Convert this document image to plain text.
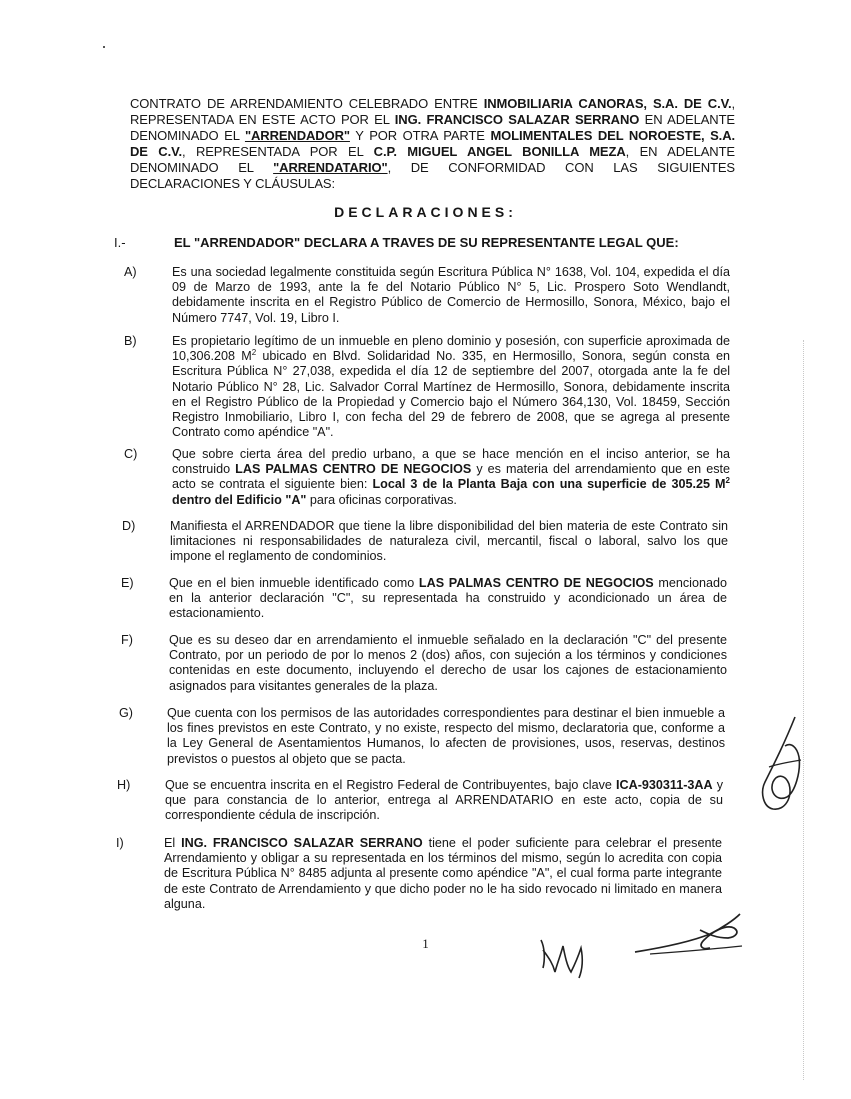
CONTRATO DE ARRENDAMIENTO CELEBRADO ENTRE INMOBILIARIA CANORAS, S.A. DE C.V., REPRESENTADA EN ESTE ACTO POR EL ING. FRANCISCO SALAZAR SERRANO EN ADELANTE DENOMINADO EL "ARRENDADOR" Y POR OTRA PARTE MOLIMENTALES DEL NOROESTE, S.A. DE C.V., REPRESENTADA POR EL C.P. MIGUEL ANGEL BONILLA MEZA, EN ADELANTE DENOMINADO EL "ARRENDATARIO", DE CONFORMIDAD CON LAS SIGUIENTES DECLARACIONES Y CLÁUSULAS:
DECLARACIONES:
I.-	EL "ARRENDADOR" DECLARA A TRAVES DE SU REPRESENTANTE LEGAL QUE:
A)	Es una sociedad legalmente constituida según Escritura Pública N° 1638, Vol. 104, expedida el día 09 de Marzo de 1993, ante la fe del Notario Público N° 5, Lic. Prospero Soto Wendlandt, debidamente inscrita en el Registro Público de Comercio de Hermosillo, Sonora, México, bajo el Número 7747, Vol. 19, Libro I.
B)	Es propietario legítimo de un inmueble en pleno dominio y posesión, con superficie aproximada de 10,306.208 $M^2$ ubicado en Blvd. Solidaridad No. 335, en Hermosillo, Sonora, según consta en Escritura Pública N° 27,038, expedida el día 12 de septiembre del 2007, otorgada ante la fe del Notario Público N° 28, Lic. Salvador Corral Martínez de Hermosillo, Sonora, debidamente inscrita en el Registro Público de la Propiedad y Comercio bajo el Número 364,130, Vol. 18459, Sección Registro Inmobiliario, Libro I, con fecha del 29 de febrero de 2008, que se agrega al presente Contrato como apéndice "A".
C)	Que sobre cierta área del predio urbano, a que se hace mención en el inciso anterior, se ha construido LAS PALMAS CENTRO DE NEGOCIOS y es materia del arrendamiento que en este acto se contrata el siguiente bien: Local 3 de la Planta Baja con una superficie de 305.25 $M^2$ dentro del Edificio "A" para oficinas corporativas.
D)	Manifiesta el ARRENDADOR que tiene la libre disponibilidad del bien materia de este Contrato sin limitaciones ni responsabilidades de naturaleza civil, mercantil, fiscal o laboral, salvo los que impone el reglamento de condominios.
E)	Que en el bien inmueble identificado como LAS PALMAS CENTRO DE NEGOCIOS mencionado en la anterior declaración "C", su representada ha construido y acondicionado un área de estacionamiento.
F)	Que es su deseo dar en arrendamiento el inmueble señalado en la declaración "C" del presente Contrato, por un periodo de por lo menos 2 (dos) años, con sujeción a los términos y condiciones contenidas en este documento, incluyendo el derecho de usar los cajones de estacionamiento asignados para visitantes generales de la plaza.
G)	Que cuenta con los permisos de las autoridades correspondientes para destinar el bien inmueble a los fines previstos en este Contrato, y no existe, respecto del mismo, declaratoria que, conforme a la Ley General de Asentamientos Humanos, lo afecten de provisiones, usos, reservas, destinos previstos o puestos al objeto que se pacta.
H)	Que se encuentra inscrita en el Registro Federal de Contribuyentes, bajo clave ICA-930311-3AA y que para constancia de lo anterior, entrega al ARRENDATARIO en este acto, copia de su correspondiente cédula de inscripción.
I)	El ING. FRANCISCO SALAZAR SERRANO tiene el poder suficiente para celebrar el presente Arrendamiento y obligar a su representada en los términos del mismo, según lo acredita con copia de Escritura Pública N° 8485 adjunta al presente como apéndice "A", el cual forma parte integrante de este Contrato de Arrendamiento y que dicho poder no le ha sido revocado ni limitado en manera alguna.
1
